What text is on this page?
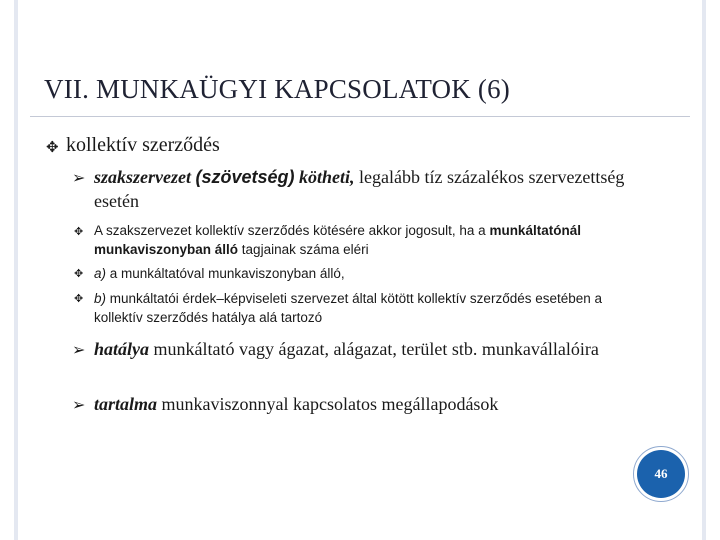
VII. MUNKAÜGYI KAPCSOLATOK (6)
✥ kollektív szerződés
➢ szakszervezet (szövetség) kötheti, legalább tíz százalékos szervezettség esetén
✥ A szakszervezet kollektív szerződés kötésére akkor jogosult, ha a munkáltatónál munkaviszonyban álló tagjainak száma eléri
✥ a) a munkáltatóval munkaviszonyban álló,
✥ b) munkáltatói érdek–képviseleti szervezet által kötött kollektív szerződés esetében a kollektív szerződés hatálya alá tartozó
➢ hatálya munkáltató vagy ágazat, alágazat, terület stb. munkavállalóira
➢ tartalma munkaviszonnyal kapcsolatos megállapodások
46
